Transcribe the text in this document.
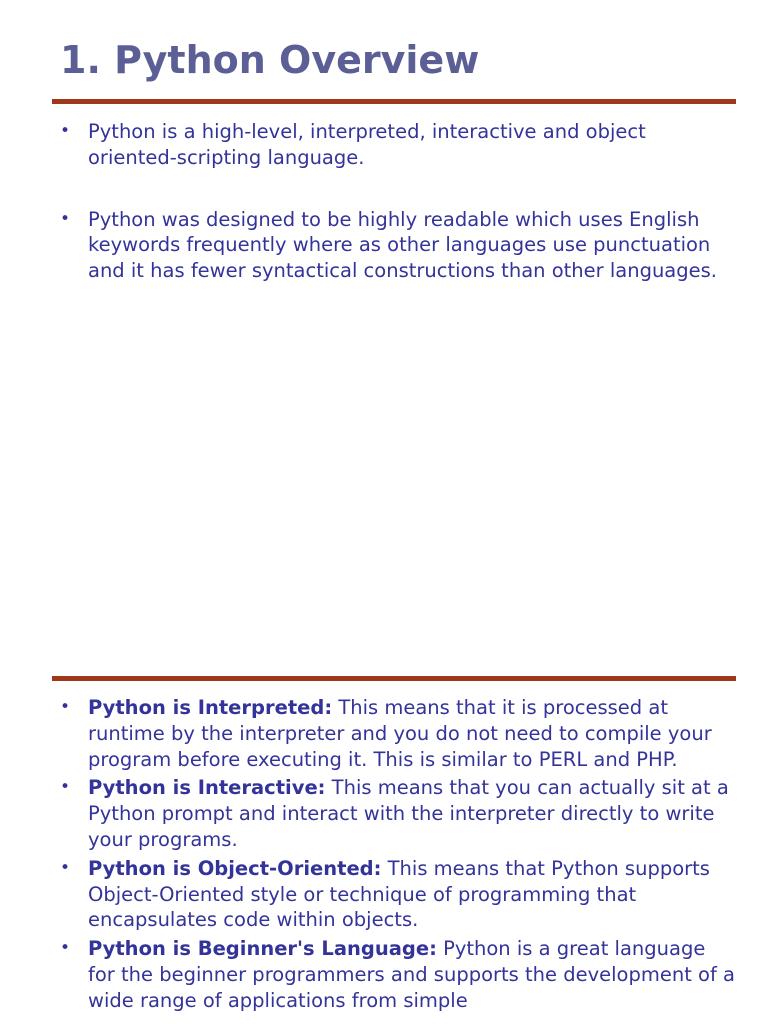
1. Python Overview
• Python is a high-level, interpreted, interactive and object oriented-scripting language.
• Python was designed to be highly readable which uses English keywords frequently where as other languages use punctuation and it has fewer syntactical constructions than other languages.
• Python is Interpreted: This means that it is processed at runtime by the interpreter and you do not need to compile your program before executing it. This is similar to PERL and PHP.
• Python is Interactive: This means that you can actually sit at a Python prompt and interact with the interpreter directly to write your programs.
• Python is Object-Oriented: This means that Python supports Object-Oriented style or technique of programming that encapsulates code within objects.
• Python is Beginner's Language: Python is a great language for the beginner programmers and supports the development of a wide range of applications from simple
